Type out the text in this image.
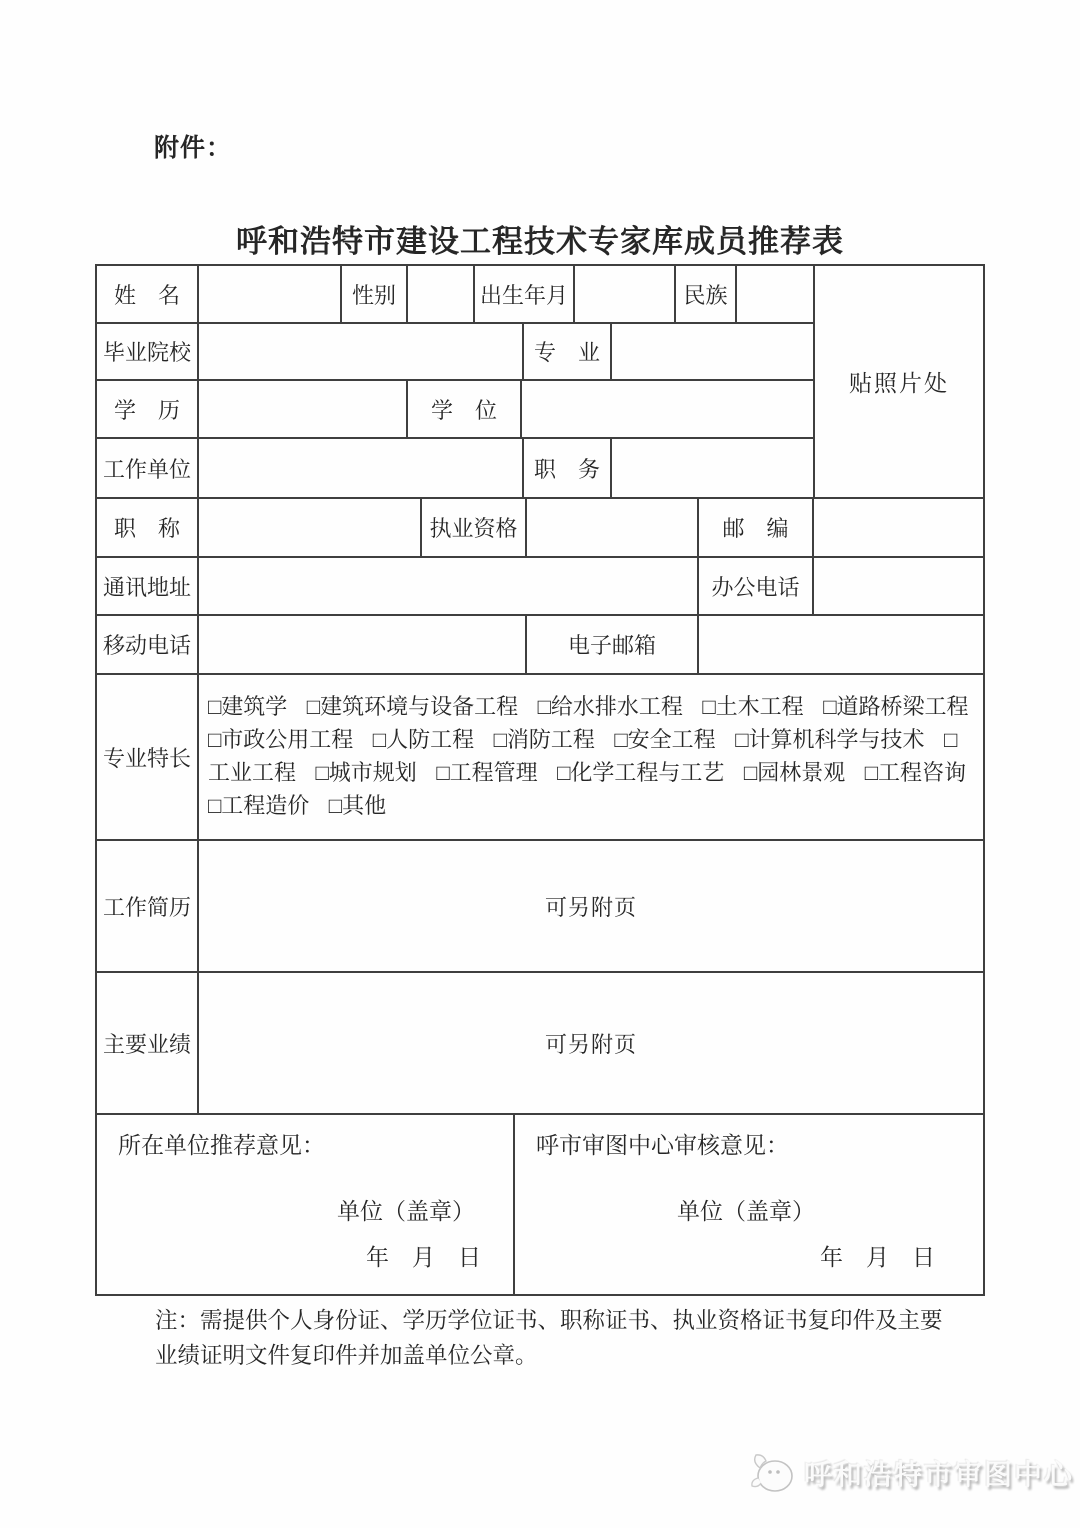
附件：
呼和浩特市建设工程技术专家库成员推荐表
姓　名	性别	出生年月	民族
毕业院校	专　业
学　历	学　位
工作单位	职　务
贴照片处
职　称	执业资格	邮　编
通讯地址	办公电话
移动电话	电子邮箱
专业特长
□建筑学 □建筑环境与设备工程 □给水排水工程 □土木工程 □道路桥梁工程 □市政公用工程 □人防工程 □消防工程 □安全工程 □计算机科学与技术 □工业工程 □城市规划 □工程管理 □化学工程与工艺 □园林景观 □工程咨询 □工程造价 □其他
工作简历	可另附页
主要业绩	可另附页
所在单位推荐意见：
单位（盖章）
年　月　日
呼市审图中心审核意见：
单位（盖章）
年　月　日
注：需提供个人身份证、学历学位证书、职称证书、执业资格证书复印件及主要
业绩证明文件复印件并加盖单位公章。
呼和浩特市审图中心
